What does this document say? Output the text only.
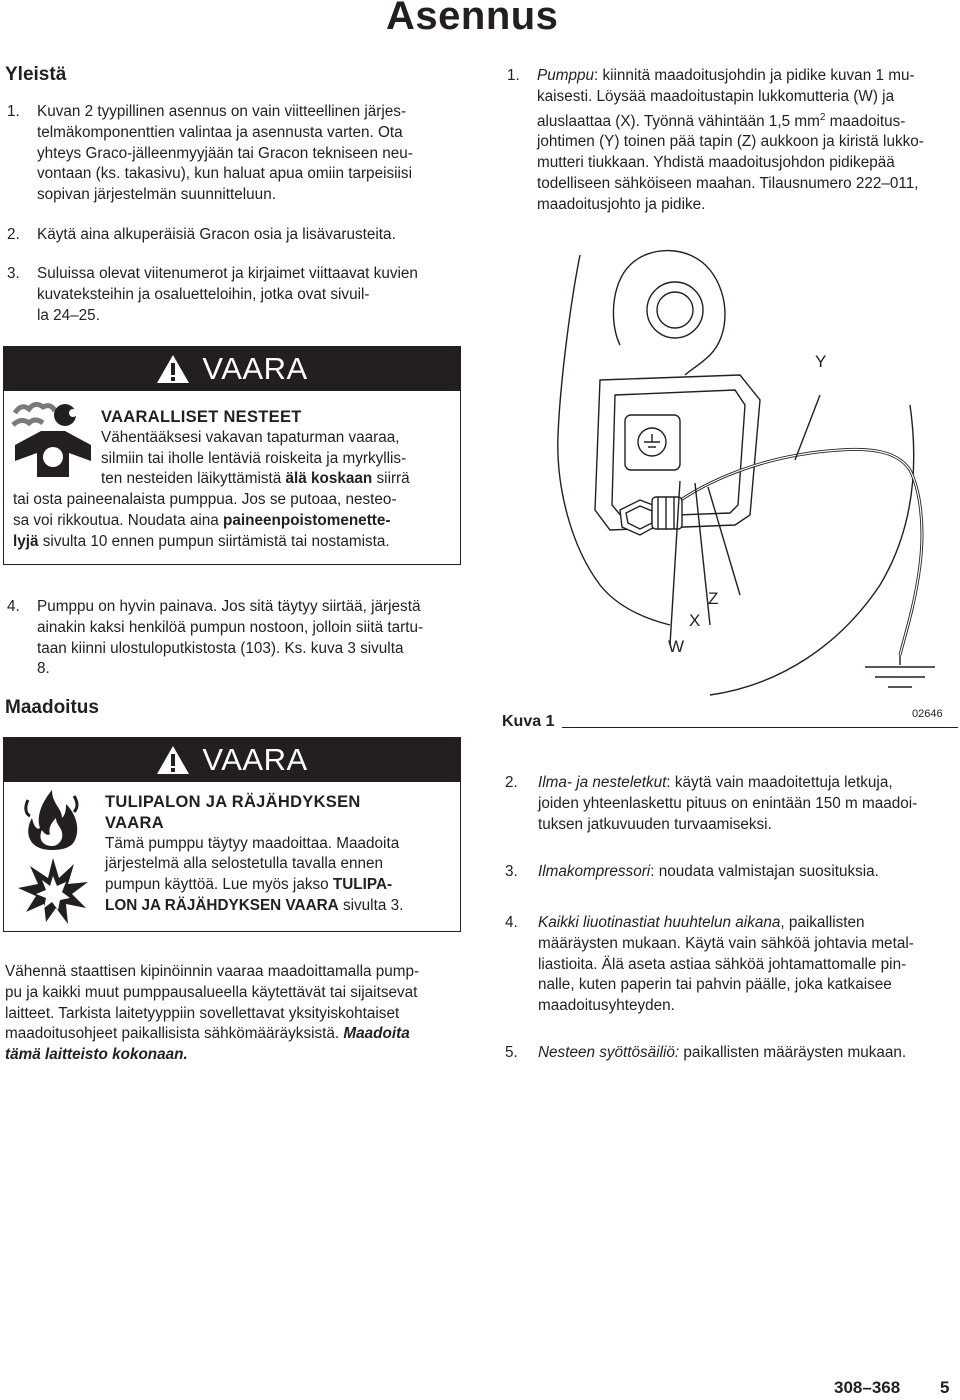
Asennus
Yleistä
1. Kuvan 2 tyypillinen asennus on vain viitteellinen järjes-

telmäkomponenttien valintaa ja asennusta varten. Ota

yhteys Graco-jälleenmyyjään tai Gracon tekniseen neu-

vontaan (ks. takasivu), kun haluat apua omiin tarpeisiisi

sopivan järjestelmän suunnitteluun.

2. Käytä aina alkuperäisiä Gracon osia ja lisävarusteita.

3. Suluissa olevat viitenumerot ja kirjaimet viittaavat kuvien

kuvateksteihin ja osaluetteloihin, jotka ovat sivuil-

la 24–25.

VAARA
VAARALLISET NESTEET

Vähentääksesi vakavan tapaturman vaaraa,

silmiin tai iholle lentäviä roiskeita ja myrkyllis-

ten nesteiden läikyttämistä älä koskaan siirrä

tai osta paineenalaista pumppua. Jos se putoaa, nesteo-

sa voi rikkoutua. Noudata aina paineenpoistomenette-

lyjä sivulta 10 ennen pumpun siirtämistä tai nostamista.

4. Pumppu on hyvin painava. Jos sitä täytyy siirtää, järjestä

ainakin kaksi henkilöä pumpun nostoon, jolloin siitä tartu-

taan kiinni ulostuloputkistosta (103). Ks. kuva 3 sivulta

8.

Maadoitus
VAARA
TULIPALON JA RÄJÄHDYKSEN
VAARA

Tämä pumppu täytyy maadoittaa. Maadoita

järjestelmä alla selostetulla tavalla ennen

pumpun käyttöä. Lue myös jakso TULIPA-

LON JA RÄJÄHDYKSEN VAARA sivulta 3.

Vähennä staattisen kipinöinnin vaaraa maadoittamalla pump-

pu ja kaikki muut pumppausalueella käytettävät tai sijaitsevat

laitteet. Tarkista laitetyyppiin sovellettavat yksityiskohtaiset

maadoitusohjeet paikallisista sähkömääräyksistä. Maadoita

tämä laitteisto kokonaan.

1. Pumppu: kiinnitä maadoitusjohdin ja pidike kuvan 1 mu-

kaisesti. Löysää maadoitustapin lukkomutteria (W) ja

aluslaattaa (X). Työnnä vähintään 1,5 $mm^2$ maadoitus-

johtimen (Y) toinen pää tapin (Z) aukkoon ja kiristä lukko-

mutteri tiukkaan. Yhdistä maadoitusjohdon pidikepää

todelliseen sähköiseen maahan. Tilausnumero 222–011,

maadoitusjohto ja pidike.

Y
Z
X
W
Kuva 1	02646
2. Ilma- ja nesteletkut: käytä vain maadoitettuja letkuja,

joiden yhteenlaskettu pituus on enintään 150 m maadoi-

tuksen jatkuvuuden turvaamiseksi.

3. Ilmakompressori: noudata valmistajan suosituksia.

4. Kaikki liuotinastiat huuhtelun aikana, paikallisten

määräysten mukaan. Käytä vain sähköä johtavia metal-

liastioita. Älä aseta astiaa sähköä johtamattomalle pin-

nalle, kuten paperin tai pahvin päälle, joka katkaisee

maadoitusyhteyden.

5. Nesteen syöttösäiliö: paikallisten määräysten mukaan.

308–368 5
